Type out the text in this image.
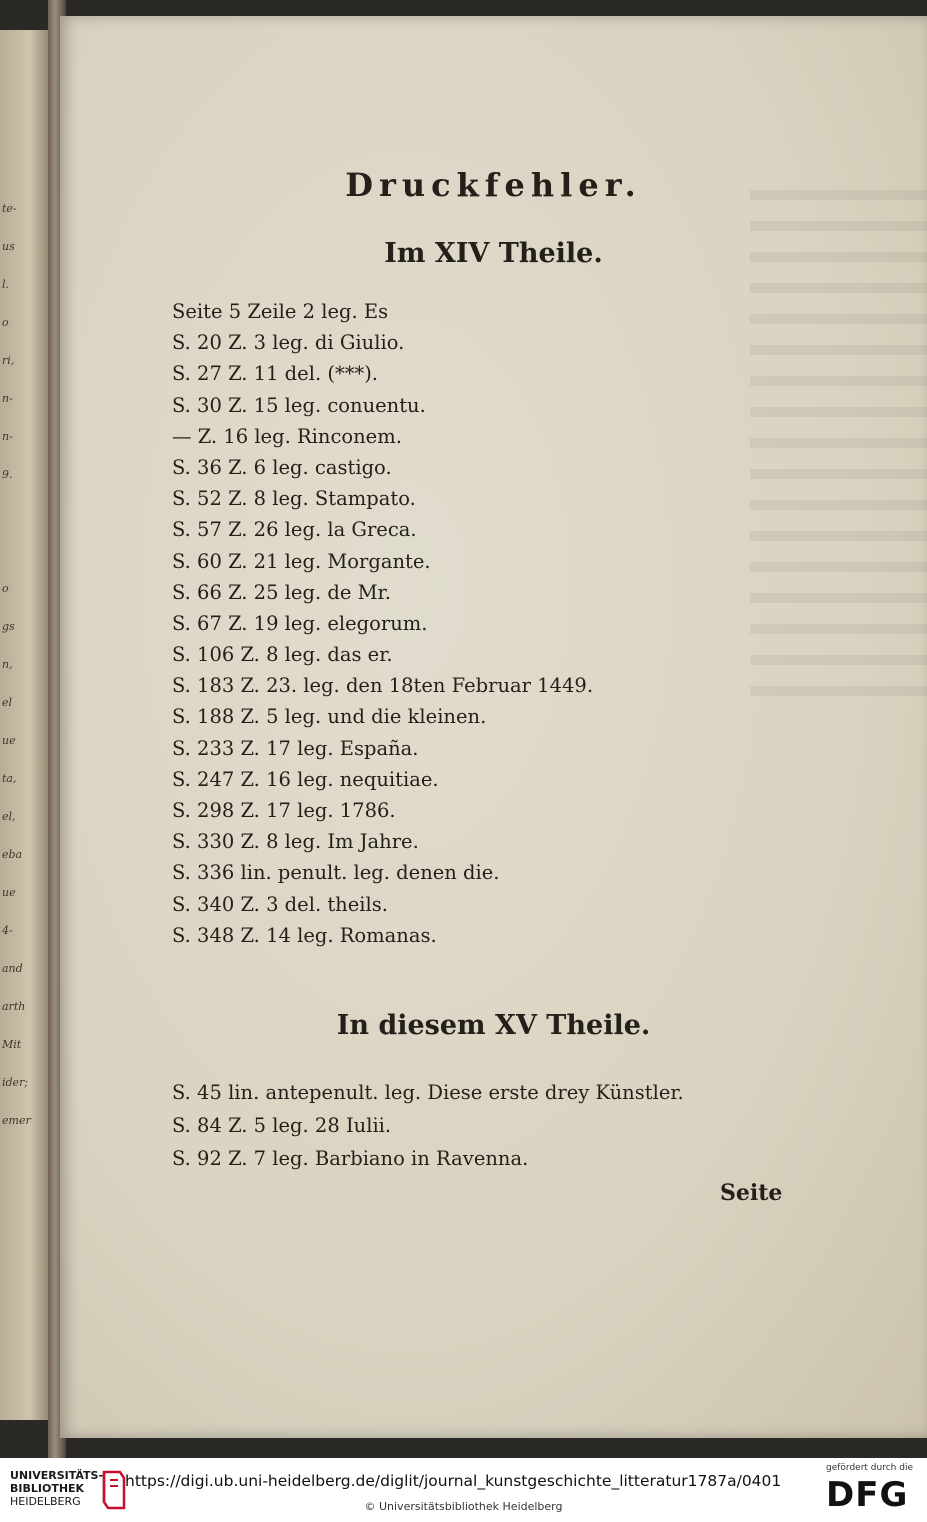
te-
us
l.
o
ri,
n-
n-
9.

o
gs
n,
el
ue
ta,
el,
eba
ue
4-
and
arth
Mit
ider;
emer
Druckfehler.
Im XIV Theile.
Seite 5 Zeile 2 leg. Es
S. 20 Z. 3 leg. di Giulio.
S. 27 Z. 11 del. (***).
S. 30 Z. 15 leg. conuentu.
— Z. 16 leg. Rinconem.
S. 36 Z. 6 leg. castigo.
S. 52 Z. 8 leg. Stampato.
S. 57 Z. 26 leg. la Greca.
S. 60 Z. 21 leg. Morgante.
S. 66 Z. 25 leg. de Mr.
S. 67 Z. 19 leg. elegorum.
S. 106 Z. 8 leg. das er.
S. 183 Z. 23. leg. den 18ten Februar 1449.
S. 188 Z. 5 leg. und die kleinen.
S. 233 Z. 17 leg. España.
S. 247 Z. 16 leg. nequitiae.
S. 298 Z. 17 leg. 1786.
S. 330 Z. 8 leg. Im Jahre.
S. 336 lin. penult. leg. denen die.
S. 340 Z. 3 del. theils.
S. 348 Z. 14 leg. Romanas.
In diesem XV Theile.
S. 45 lin. antepenult. leg. Diese erste drey Künstler.
S. 84 Z. 5 leg. 28 Iulii.
S. 92 Z. 7 leg. Barbiano in Ravenna.
Seite
UNIVERSITÄTS-
BIBLIOTHEK
HEIDELBERG
https://digi.ub.uni-heidelberg.de/diglit/journal_kunstgeschichte_litteratur1787a/0401
© Universitätsbibliothek Heidelberg
gefördert durch die
DFG
